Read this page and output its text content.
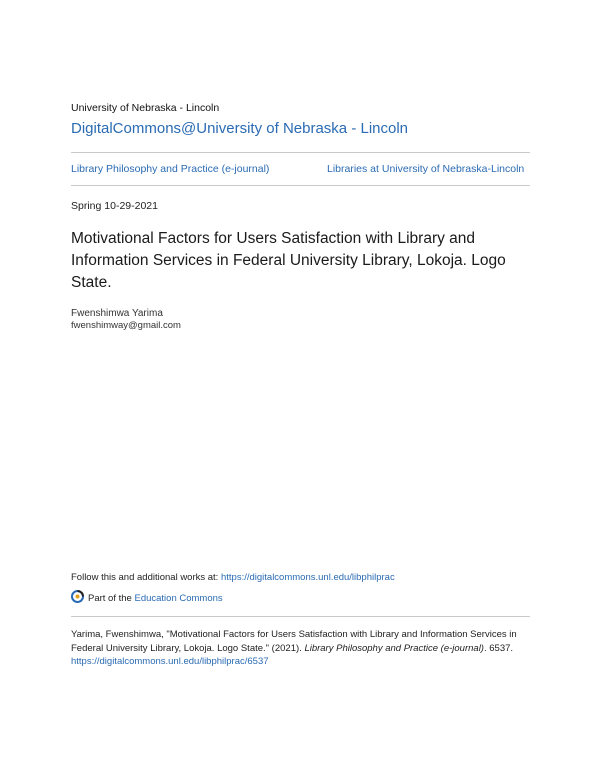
University of Nebraska - Lincoln
DigitalCommons@University of Nebraska - Lincoln
Library Philosophy and Practice (e-journal)	Libraries at University of Nebraska-Lincoln
Spring 10-29-2021
Motivational Factors for Users Satisfaction with Library and Information Services in Federal University Library, Lokoja. Logo State.
Fwenshimwa Yarima
fwenshimway@gmail.com
Follow this and additional works at: https://digitalcommons.unl.edu/libphilprac
Part of the Education Commons
Yarima, Fwenshimwa, "Motivational Factors for Users Satisfaction with Library and Information Services in Federal University Library, Lokoja. Logo State." (2021). Library Philosophy and Practice (e-journal). 6537.
https://digitalcommons.unl.edu/libphilprac/6537
